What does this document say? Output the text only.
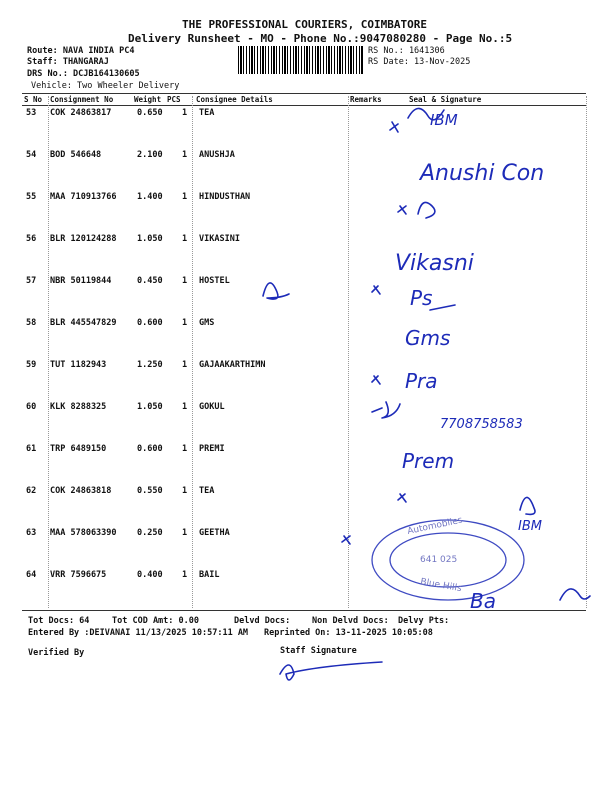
THE PROFESSIONAL COURIERS, COIMBATORE
Delivery Runsheet - MO - Phone No.:9047080280 - Page No.:5
Route: NAVA INDIA PC4
Staff: THANGARAJ
DRS No.: DCJB164130605
Vehicle: Two Wheeler Delivery
RS No.: 1641306
RS Date: 13-Nov-2025
S No Consignment No	Weight PCS Consignee Details	Remarks	Seal & Signature
53 COK 24863817	0.650 1 TEA
54 BOD 546648	2.100 1 ANUSHJA
55 MAA 710913766 1.400 1 HINDUSTHAN
56 BLR 120124288 1.050 1 VIKASINI
57 NBR 50119844	0.450 1 HOSTEL
58 BLR 445547829 0.600 1 GMS
59 TUT 1182943	1.250 1 GAJAAKARTHIMN
60 KLK 8288325	1.050 1 GOKUL
61 TRP 6489150	0.600 1 PREMI
62 COK 24863818	0.550 1 TEA
63 MAA 578063390 0.250 1 GEETHA
64 VRR 7596675	0.400 1 BAIL
Tot Docs: 64	Tot COD Amt: 0.00	Delvd Docs:	Non Delvd Docs: Delvy Pts:
Entered By :DEIVANAI 11/13/2025 10:57:11 AM Reprinted On: 13-11-2025 10:05:08
Verified By	Staff Signature
IBM
Anushi Con
Vikasni
Ps
Gms
Pra
7708758583
Prem
IBM
Ba
Automobiles
641 025
Blue Hills
